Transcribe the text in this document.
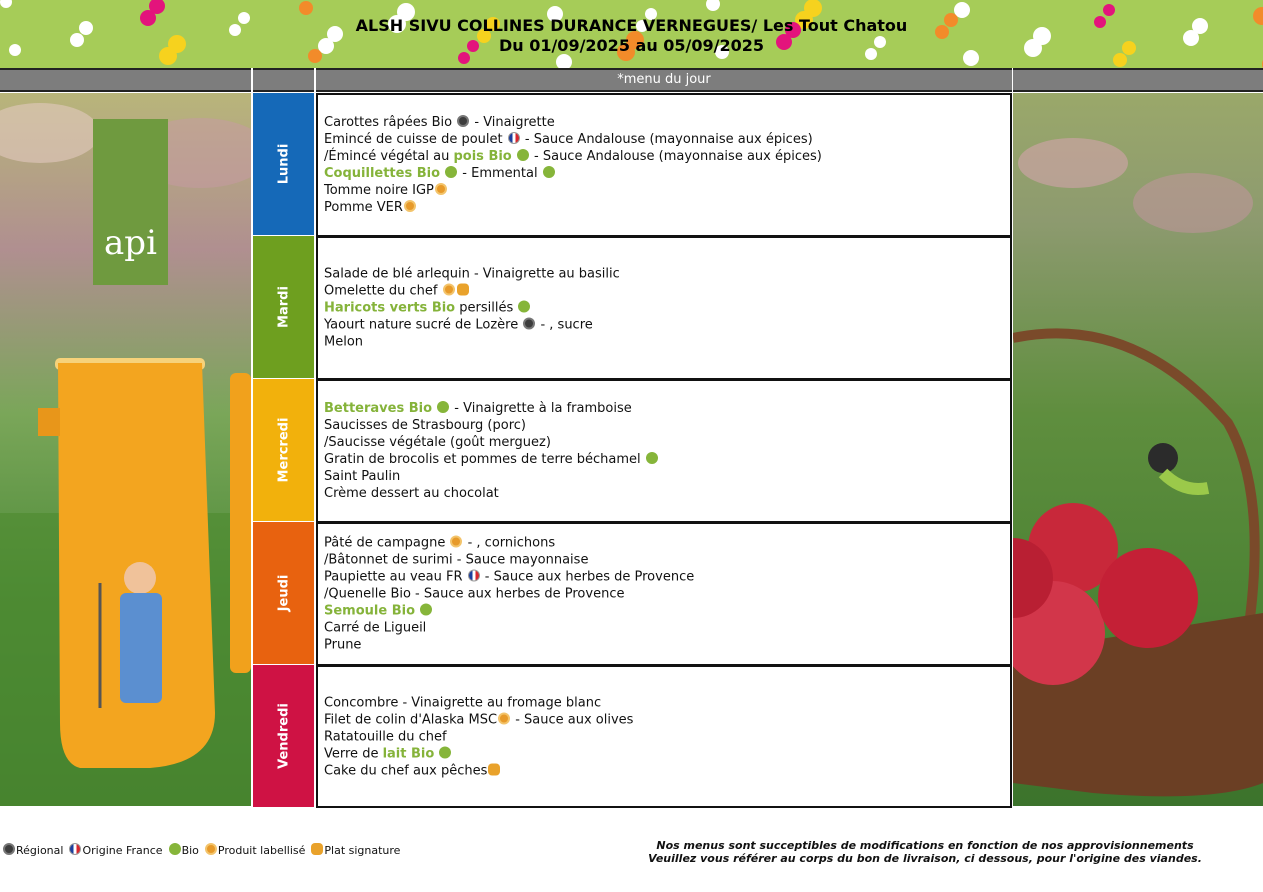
ALSH SIVU COLLINES DURANCE VERNEGUES/ Les Tout Chatou
Du 01/09/2025 au 05/09/2025
*menu du jour
api
Lundi
Carottes râpées Bio  - Vinaigrette
Emincé de cuisse de poulet  - Sauce Andalouse (mayonnaise aux épices)
/Émincé végétal au pois Bio  - Sauce Andalouse (mayonnaise aux épices)
Coquillettes Bio  - Emmental
Tomme noire IGP
Pomme VER
Mardi
Salade de blé arlequin - Vinaigrette au basilic
Omelette du chef
Haricots verts Bio persillés
Yaourt nature sucré de Lozère  - , sucre
Melon
Mercredi
Betteraves Bio  - Vinaigrette à la framboise
Saucisses de Strasbourg (porc)
/Saucisse végétale (goût merguez)
Gratin de brocolis et pommes de terre béchamel
Saint Paulin
Crème dessert au chocolat
Jeudi
Pâté de campagne  - , cornichons
/Bâtonnet de surimi - Sauce mayonnaise
Paupiette au veau FR  - Sauce aux herbes de Provence
/Quenelle Bio - Sauce aux herbes de Provence
Semoule Bio
Carré de Ligueil
Prune
Vendredi
Concombre - Vinaigrette au fromage blanc
Filet de colin d'Alaska MSC - Sauce aux olives
Ratatouille du chef
Verre de lait Bio
Cake du chef aux pêches
Régional Origine France Bio Produit labellisé Plat signature	Nos menus sont succeptibles de modifications en fonction de nos approvisionnements
Veuillez vous référer au corps du bon de livraison, ci dessous, pour l'origine des viandes.
